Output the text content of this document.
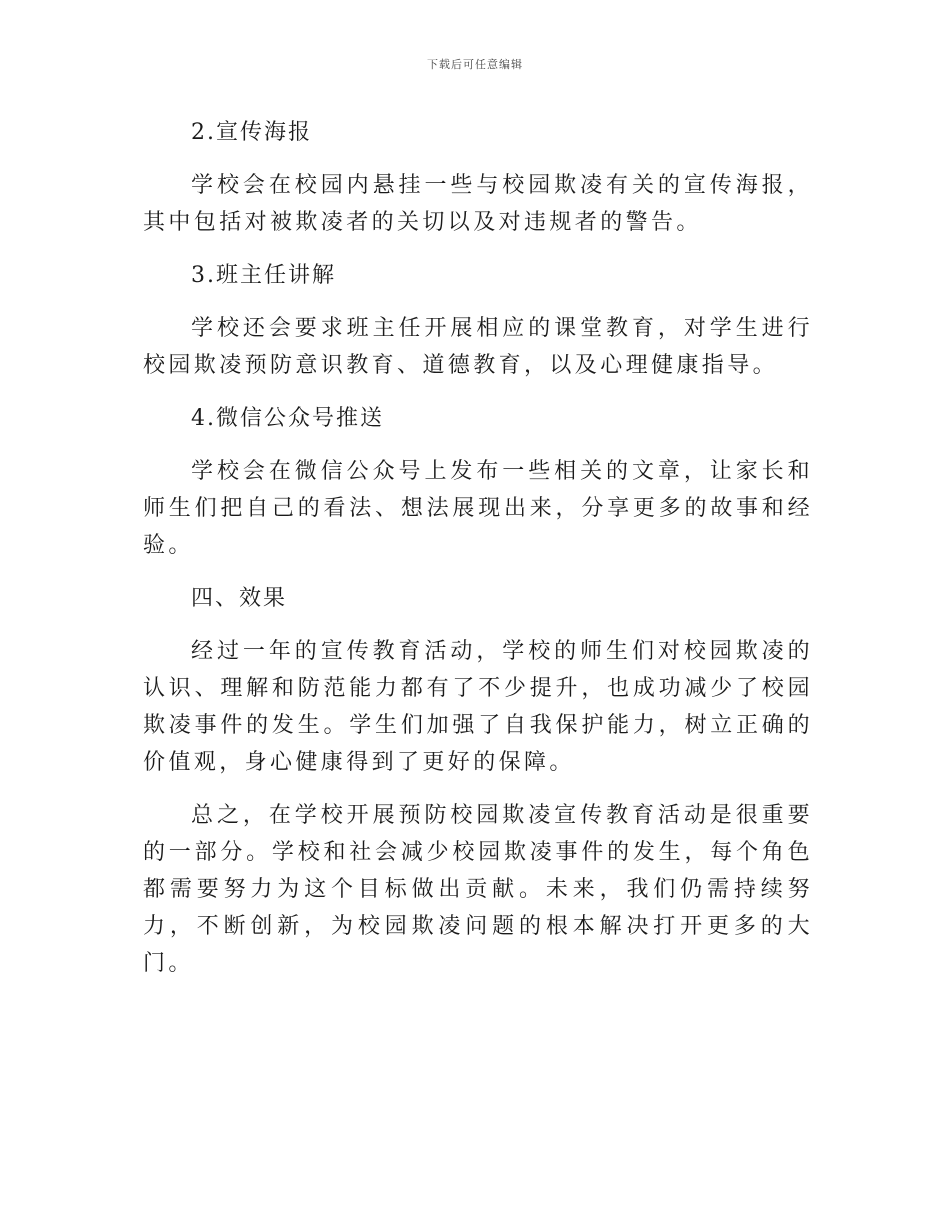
下载后可任意编辑

2.宣传海报

学校会在校园内悬挂一些与校园欺凌有关的宣传海报，其中包括对被欺凌者的关切以及对违规者的警告。

3.班主任讲解

学校还会要求班主任开展相应的课堂教育，对学生进行校园欺凌预防意识教育、道德教育，以及心理健康指导。

4.微信公众号推送

学校会在微信公众号上发布一些相关的文章，让家长和师生们把自己的看法、想法展现出来，分享更多的故事和经验。

四、效果

经过一年的宣传教育活动，学校的师生们对校园欺凌的认识、理解和防范能力都有了不少提升，也成功减少了校园欺凌事件的发生。学生们加强了自我保护能力，树立正确的价值观，身心健康得到了更好的保障。

总之，在学校开展预防校园欺凌宣传教育活动是很重要的一部分。学校和社会减少校园欺凌事件的发生，每个角色都需要努力为这个目标做出贡献。未来，我们仍需持续努力，不断创新，为校园欺凌问题的根本解决打开更多的大门。
